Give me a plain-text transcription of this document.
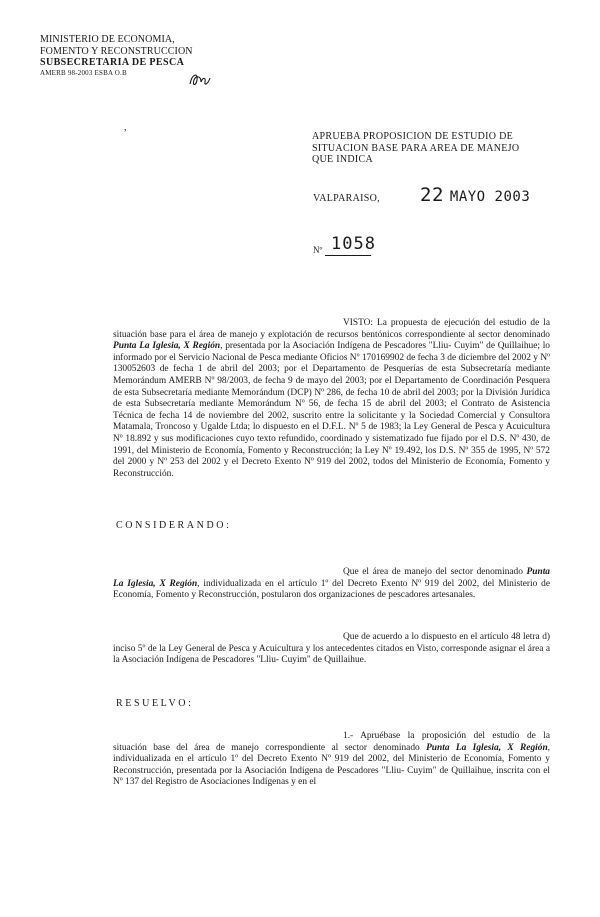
MINISTERIO DE ECONOMIA,
FOMENTO Y RECONSTRUCCION
SUBSECRETARIA DE PESCA
AMERB 98-2003 ESBA O.B
,
APRUEBA PROPOSICION DE ESTUDIO DE
SITUACION BASE PARA AREA DE MANEJO
QUE INDICA
VALPARAISO, 22 MAYO 2003
Nº 1058
VISTO: La propuesta de ejecución del estudio de la situación base para el área de manejo y explotación de recursos bentónicos correspondiente al sector denominado Punta La Iglesia, X Región, presentada por la Asociación Indígena de Pescadores "Lliu- Cuyim" de Quillaihue; lo informado por el Servicio Nacional de Pesca mediante Oficios Nº 170169902 de fecha 3 de diciembre del 2002 y Nº 130052603 de fecha 1 de abril del 2003; por el Departamento de Pesquerías de esta Subsecretaría mediante Memorándum AMERB Nº 98/2003, de fecha 9 de mayo del 2003; por el Departamento de Coordinación Pesquera de esta Subsecretaría mediante Memorándum (DCP) Nº 286, de fecha 10 de abril del 2003; por la División Jurídica de esta Subsecretaría mediante Memorándum Nº 56, de fecha 15 de abril del 2003; el Contrato de Asistencia Técnica de fecha 14 de noviembre del 2002, suscrito entre la solicitante y la Sociedad Comercial y Consultora Matamala, Troncoso y Ugalde Ltda; lo dispuesto en el D.F.L. Nº 5 de 1983; la Ley General de Pesca y Acuicultura Nº 18.892 y sus modificaciones cuyo texto refundido, coordinado y sistematizado fue fijado por el D.S. Nº 430, de 1991, del Ministerio de Economía, Fomento y Reconstrucción; la Ley Nº 19.492, los D.S. Nº 355 de 1995, Nº 572 del 2000 y Nº 253 del 2002 y el Decreto Exento Nº 919 del 2002, todos del Ministerio de Economía, Fomento y Reconstrucción.
CONSIDERANDO:
Que el área de manejo del sector denominado Punta La Iglesia, X Región, individualizada en el artículo 1º del Decreto Exento Nº 919 del 2002, del Ministerio de Economía, Fomento y Reconstrucción, postularon dos organizaciones de pescadores artesanales.
Que de acuerdo a lo dispuesto en el artículo 48 letra d) inciso 5º de la Ley General de Pesca y Acuicultura y los antecedentes citados en Visto, corresponde asignar el área a la Asociación Indígena de Pescadores "Lliu- Cuyim" de Quillaihue.
RESUELVO:
1.- Apruébase la proposición del estudio de la situación base del área de manejo correspondiente al sector denominado Punta La Iglesia, X Región, individualizada en el artículo 1º del Decreto Exento Nº 919 del 2002, del Ministerio de Economía, Fomento y Reconstrucción, presentada por la Asociación Indígena de Pescadores "Lliu- Cuyim" de Quillaihue, inscrita con el Nº 137 del Registro de Asociaciones Indígenas y en el
